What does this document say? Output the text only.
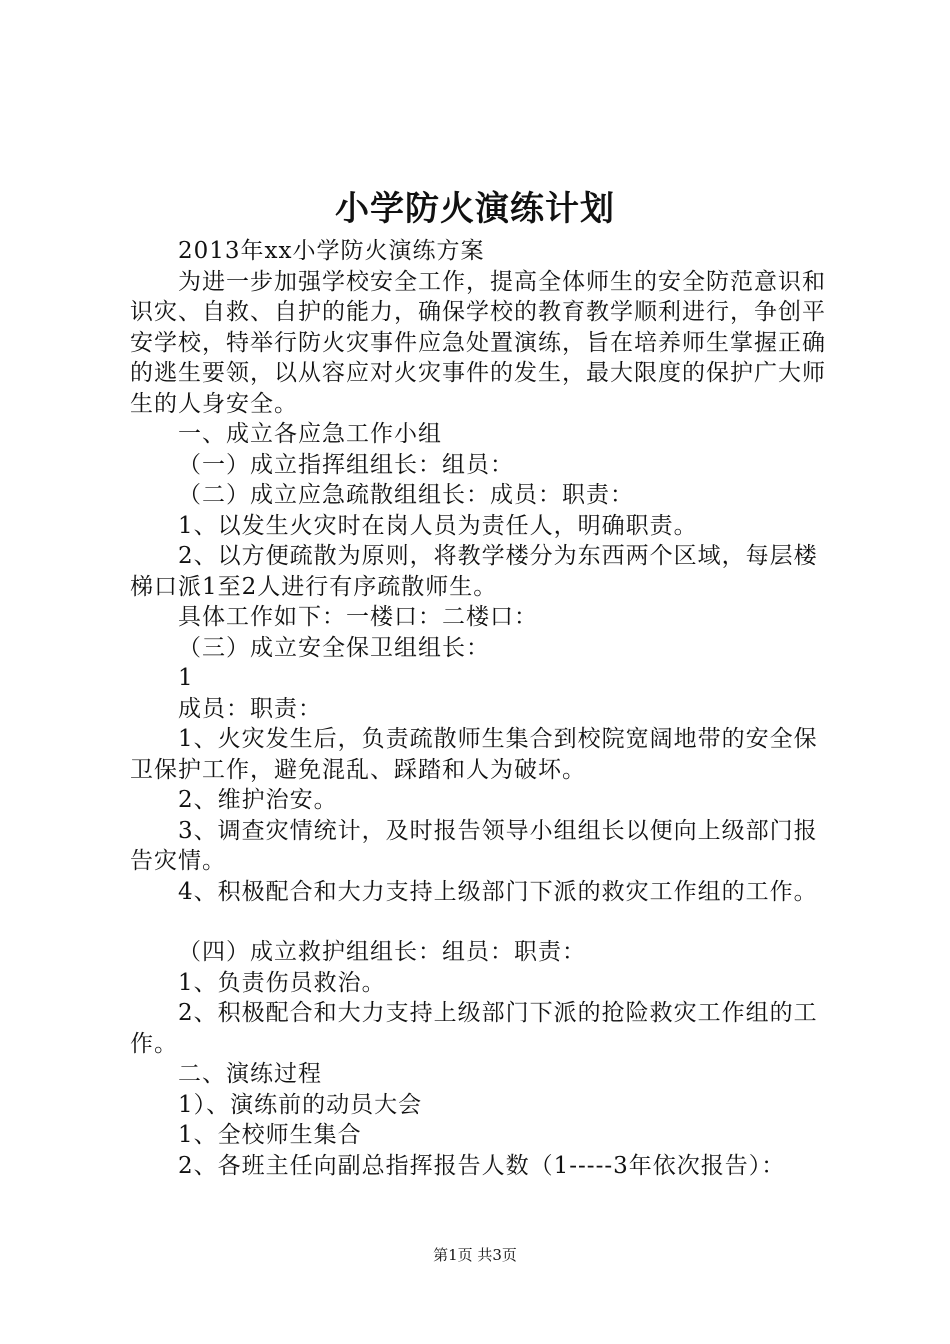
小学防火演练计划

2013年xx小学防火演练方案

为进一步加强学校安全工作，提高全体师生的安全防范意识和识灾、自救、自护的能力，确保学校的教育教学顺利进行，争创平安学校，特举行防火灾事件应急处置演练，旨在培养师生掌握正确的逃生要领，以从容应对火灾事件的发生，最大限度的保护广大师生的人身安全。

一、成立各应急工作小组

（一）成立指挥组组长：组员：

（二）成立应急疏散组组长：成员：职责：

1、以发生火灾时在岗人员为责任人，明确职责。

2、以方便疏散为原则，将教学楼分为东西两个区域，每层楼梯口派1至2人进行有序疏散师生。

具体工作如下：一楼口：二楼口：

（三）成立安全保卫组组长：

1

成员：职责：

1、火灾发生后，负责疏散师生集合到校院宽阔地带的安全保卫保护工作，避免混乱、踩踏和人为破坏。

2、维护治安。

3、调查灾情统计，及时报告领导小组组长以便向上级部门报告灾情。

4、积极配合和大力支持上级部门下派的救灾工作组的工作。

（四）成立救护组组长：组员：职责：

1、负责伤员救治。

2、积极配合和大力支持上级部门下派的抢险救灾工作组的工作。

二、演练过程

1）、演练前的动员大会

1、全校师生集合

2、各班主任向副总指挥报告人数（1-----3年依次报告）：

第1页 共3页
